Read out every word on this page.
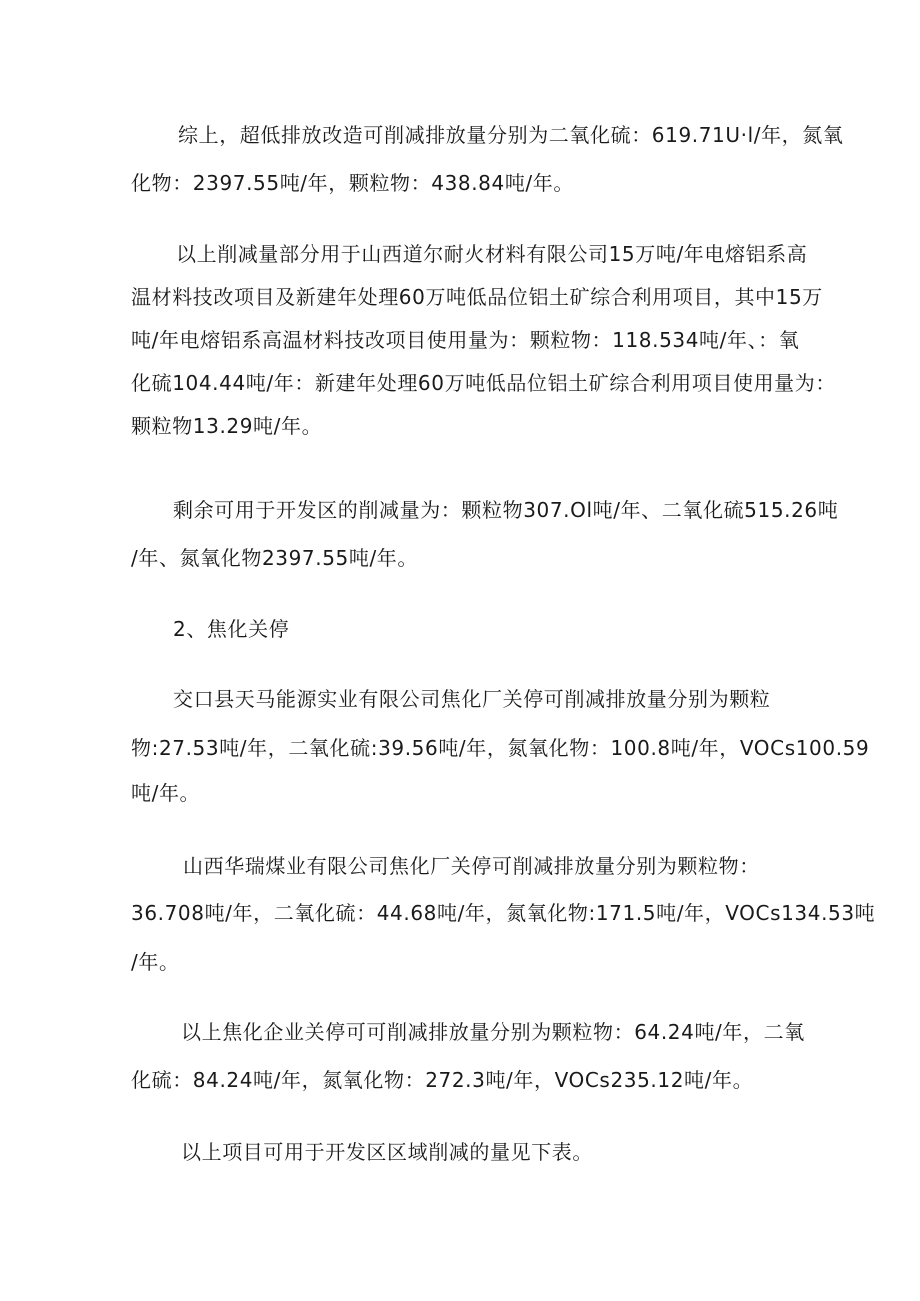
综上，超低排放改造可削减排放量分别为二氧化硫：619.71U·l/年，氮氧
化物：2397.55吨/年，颗粒物：438.84吨/年。
以上削减量部分用于山西道尔耐火材料有限公司15万吨/年电熔铝系高
温材料技改项目及新建年处理60万吨低品位铝土矿综合利用项目，其中15万
吨/年电熔铝系高温材料技改项目使用量为：颗粒物：118.534吨/年、：氧
化硫104.44吨/年：新建年处理60万吨低品位铝土矿综合利用项目使用量为：
颗粒物13.29吨/年。
剩余可用于开发区的削减量为：颗粒物307.Ol吨/年、二氧化硫515.26吨
/年、氮氧化物2397.55吨/年。
2、焦化关停
交口县天马能源实业有限公司焦化厂关停可削减排放量分别为颗粒
物:27.53吨/年，二氧化硫:39.56吨/年，氮氧化物：100.8吨/年，VOCs100.59
吨/年。
山西华瑞煤业有限公司焦化厂关停可削减排放量分别为颗粒物：
36.708吨/年，二氧化硫：44.68吨/年，氮氧化物:171.5吨/年，VOCs134.53吨
/年。
以上焦化企业关停可可削减排放量分别为颗粒物：64.24吨/年，二氧
化硫：84.24吨/年，氮氧化物：272.3吨/年，VOCs235.12吨/年。
以上项目可用于开发区区域削减的量见下表。
